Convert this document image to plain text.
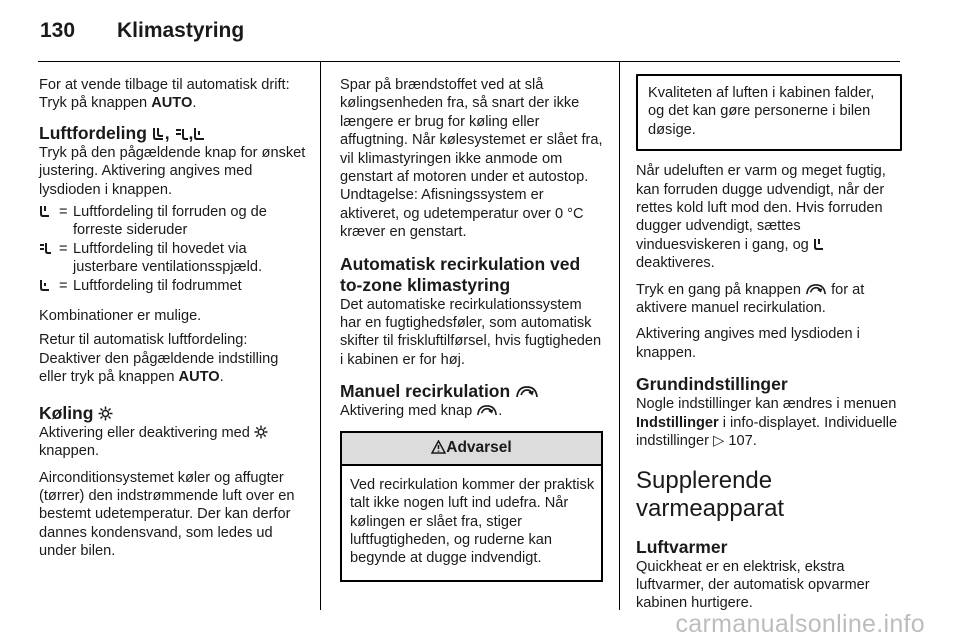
130	Klimastyring

For at vende tilbage til automatisk drift: Tryk på knappen AUTO.

Luftfordeling , ,

Tryk på den pågældende knap for ønsket justering. Aktivering angives med lysdioden i knappen.

= Luftfordeling til forruden og de forreste sideruder
= Luftfordeling til hovedet via justerbare ventilationsspjæld.
= Luftfordeling til fodrummet

Kombinationer er mulige.

Retur til automatisk luftfordeling: Deaktiver den pågældende indstilling eller tryk på knappen AUTO.

Køling

Aktivering eller deaktivering med  knappen.

Airconditionsystemet køler og affugter (tørrer) den indstrømmende luft over en bestemt udetemperatur. Der kan derfor dannes kondensvand, som ledes ud under bilen.

Spar på brændstoffet ved at slå kølingsenheden fra, så snart der ikke længere er brug for køling eller affugtning. Når kølesystemet er slået fra, vil klimastyringen ikke anmode om genstart af motoren under et autostop. Undtagelse: Afisningssystem er aktiveret, og udetemperatur over 0 °C kræver en genstart.

Automatisk recirkulation ved to-zone klimastyring

Det automatiske recirkulationssystem har en fugtighedsføler, som automatisk skifter til friskluftilførsel, hvis fugtigheden i kabinen er for høj.

Manuel recirkulation

Aktivering med knap .

Advarsel

Ved recirkulation kommer der praktisk talt ikke nogen luft ind udefra. Når kølingen er slået fra, stiger luftfugtigheden, og ruderne kan begynde at dugge indvendigt.

Kvaliteten af luften i kabinen falder, og det kan gøre personerne i bilen døsige.

Når udeluften er varm og meget fugtig, kan forruden dugge udvendigt, når der rettes kold luft mod den. Hvis forruden dugger udvendigt, sættes vinduesviskeren i gang, og  deaktiveres.

Tryk en gang på knappen  for at aktivere manuel recirkulation.

Aktivering angives med lysdioden i knappen.

Grundindstillinger

Nogle indstillinger kan ændres i menuen Indstillinger i info-displayet. Individuelle indstillinger ▷ 107.

Supplerende varmeapparat
Luftvarmer

Quickheat er en elektrisk, ekstra luftvarmer, der automatisk opvarmer kabinen hurtigere.

carmanualsonline.info
